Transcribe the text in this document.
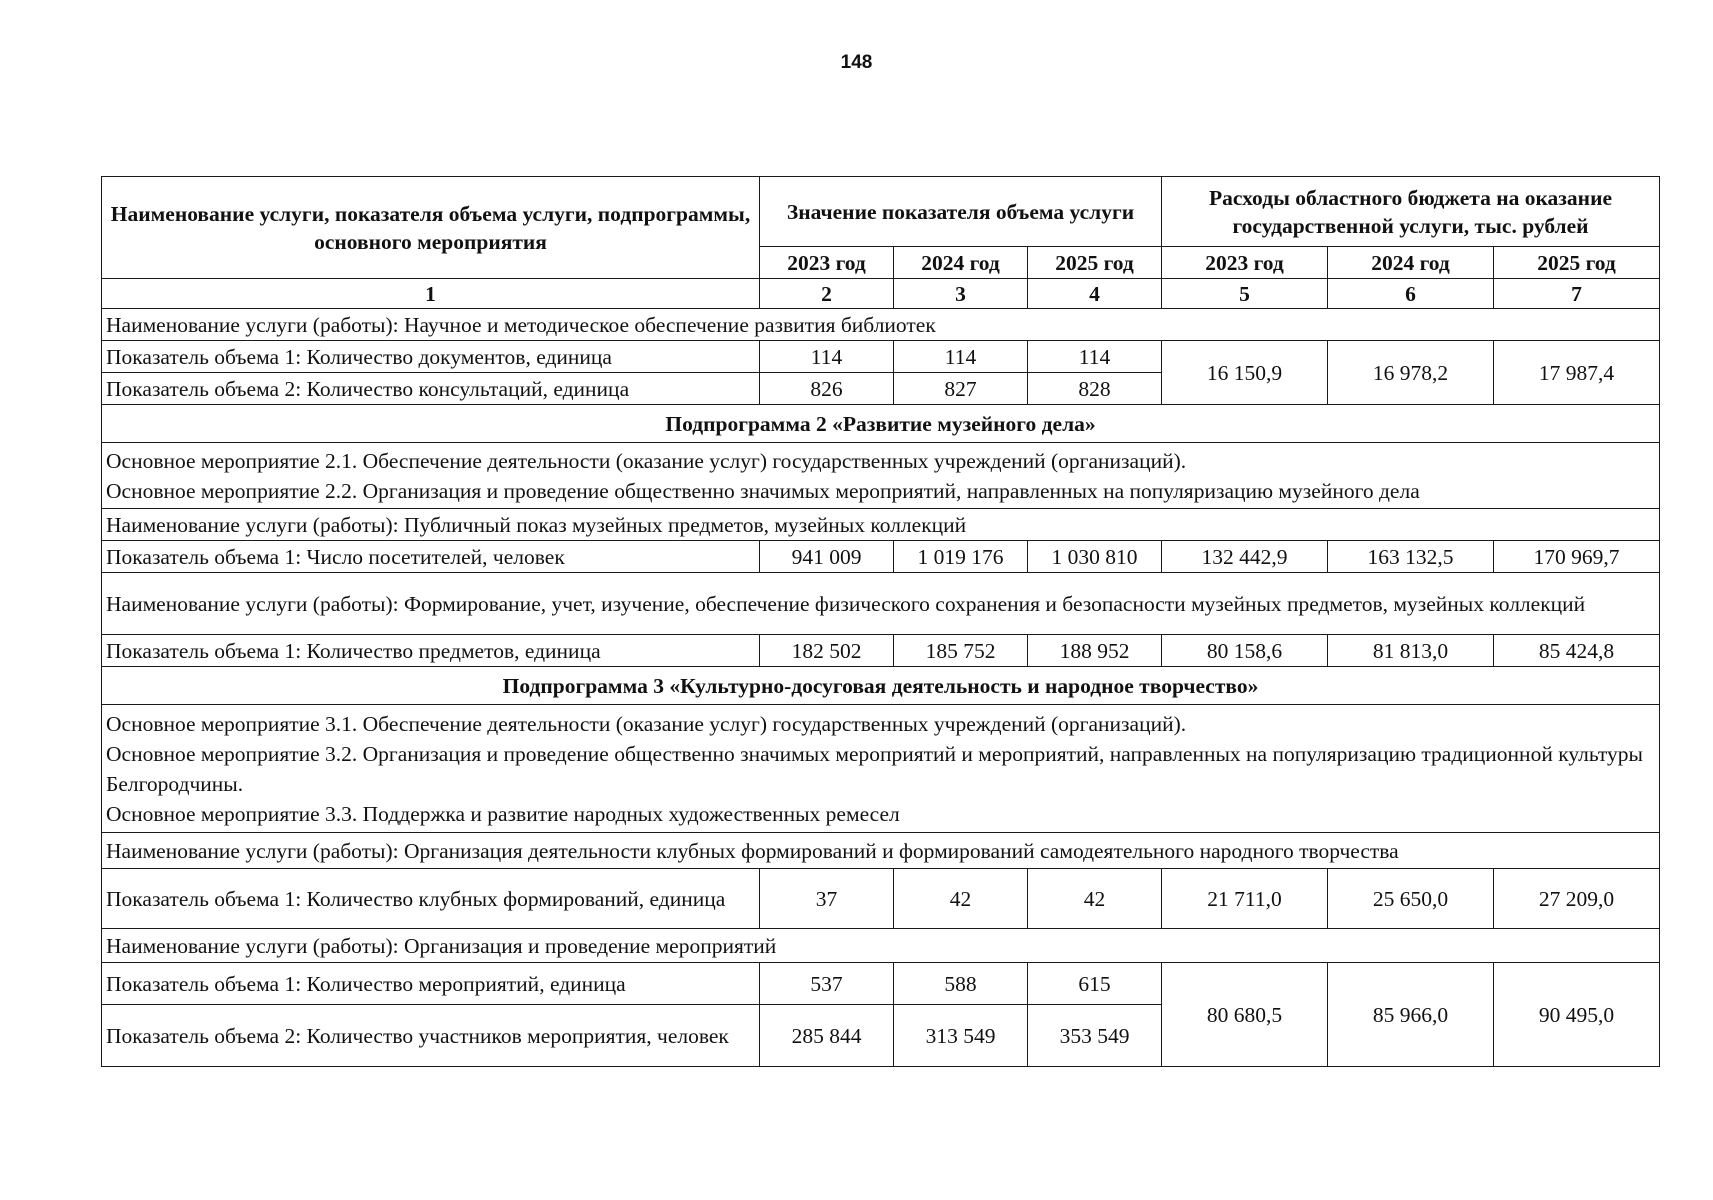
148
Наименование услуги, показателя объема услуги, подпрограммы, основного мероприятия	Значение показателя объема услуги			Расходы областного бюджета на оказание государственной услуги, тыс. рублей		
	2023 год	2024 год	2025 год	2023 год	2024 год	2025 год
1	2	3	4	5	6	7
Наименование услуги (работы): Научное и методическое обеспечение развития библиотек						
Показатель объема 1: Количество документов, единица	114	114	114	16 150,9	16 978,2	17 987,4
Показатель объема 2: Количество консультаций, единица	826	827	828			
Подпрограмма 2 «Развитие музейного дела»						

Основное мероприятие 2.1. Обеспечение деятельности (оказание услуг) государственных учреждений (организаций).
Основное мероприятие 2.2. Организация и проведение общественно значимых мероприятий, направленных на популяризацию музейного дела						

Наименование услуги (работы): Публичный показ музейных предметов, музейных коллекций						
Показатель объема 1: Число посетителей, человек	941 009	1 019 176	1 030 810	132 442,9	163 132,5	170 969,7
Наименование услуги (работы): Формирование, учет, изучение, обеспечение физического сохранения и безопасности музейных предметов, музейных коллекций						
Показатель объема 1: Количество предметов, единица	182 502	185 752	188 952	80 158,6	81 813,0	85 424,8
Подпрограмма 3 «Культурно-досуговая деятельность и народное творчество»						

Основное мероприятие 3.1. Обеспечение деятельности (оказание услуг) государственных учреждений (организаций).
Основное мероприятие 3.2. Организация и проведение общественно значимых мероприятий и мероприятий, направленных на популяризацию традиционной культуры Белгородчины.
Основное мероприятие 3.3. Поддержка и развитие народных художественных ремесел						

Наименование услуги (работы): Организация деятельности клубных формирований и формирований самодеятельного народного творчества						
Показатель объема 1: Количество клубных формирований, единица	37	42	42	21 711,0	25 650,0	27 209,0
Наименование услуги (работы): Организация и проведение мероприятий						
Показатель объема 1: Количество мероприятий, единица	537	588	615	80 680,5	85 966,0	90 495,0
Показатель объема 2: Количество участников мероприятия, человек	285 844	313 549	353 549			
